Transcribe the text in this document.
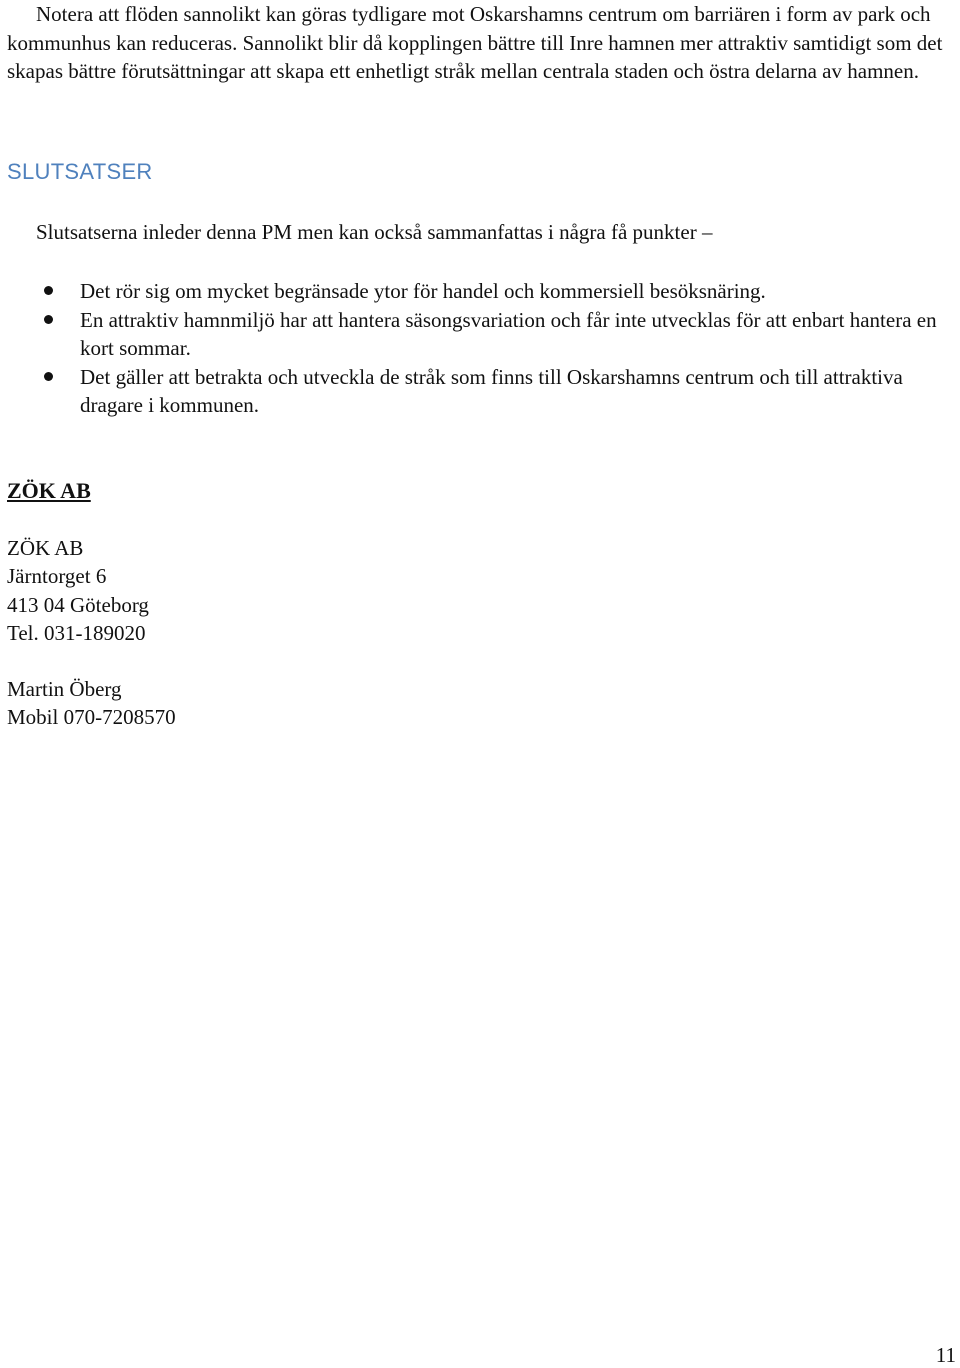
Notera att flöden sannolikt kan göras tydligare mot Oskarshamns centrum om barriären i form av park och kommunhus kan reduceras. Sannolikt blir då kopplingen bättre till Inre hamnen mer attraktiv samtidigt som det skapas bättre förutsättningar att skapa ett enhetligt stråk mellan centrala staden och östra delarna av hamnen.

SLUTSATSER

Slutsatserna inleder denna PM men kan också sammanfattas i några få punkter –

Det rör sig om mycket begränsade ytor för handel och kommersiell besöksnäring.
En attraktiv hamnmiljö har att hantera säsongsvariation och får inte utvecklas för att enbart hantera en kort sommar.
Det gäller att betrakta och utveckla de stråk som finns till Oskarshamns centrum och till attraktiva dragare i kommunen.
ZÖK AB

ZÖK AB
Järntorget 6
413 04 Göteborg
Tel. 031-189020

Martin Öberg
Mobil 070-7208570

11
